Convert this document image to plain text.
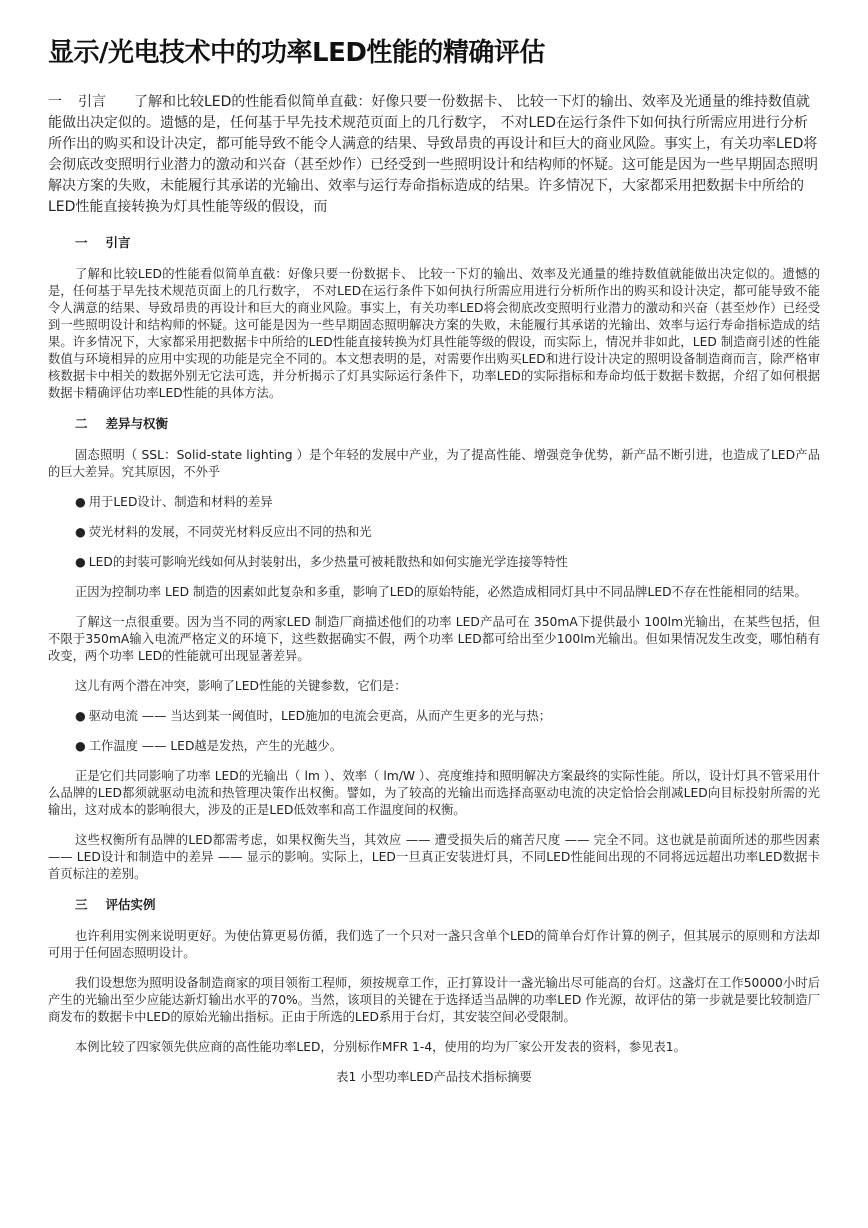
显示/光电技术中的功率LED性能的精确评估
一 引言 了解和比较LED的性能看似简单直截：好像只要一份数据卡、 比较一下灯的输出、效率及光通量的维持数值就能做出决定似的。遗憾的是，任何基于早先技术规范页面上的几行数字， 不对LED在运行条件下如何执行所需应用进行分析所作出的购买和设计决定，都可能导致不能令人满意的结果、导致昂贵的再设计和巨大的商业风险。事实上，有关功率LED将会彻底改变照明行业潜力的激动和兴奋（甚至炒作）已经受到一些照明设计和结构师的怀疑。这可能是因为一些早期固态照明解决方案的失败，未能履行其承诺的光输出、效率与运行寿命指标造成的结果。许多情况下，大家都采用把数据卡中所给的LED性能直接转换为灯具性能等级的假设，而
一 引言

了解和比较LED的性能看似简单直截：好像只要一份数据卡、 比较一下灯的输出、效率及光通量的维持数值就能做出决定似的。遗憾的是，任何基于早先技术规范页面上的几行数字， 不对LED在运行条件下如何执行所需应用进行分析所作出的购买和设计决定，都可能导致不能令人满意的结果、导致昂贵的再设计和巨大的商业风险。事实上，有关功率LED将会彻底改变照明行业潜力的激动和兴奋（甚至炒作）已经受到一些照明设计和结构师的怀疑。这可能是因为一些早期固态照明解决方案的失败，未能履行其承诺的光输出、效率与运行寿命指标造成的结果。许多情况下，大家都采用把数据卡中所给的LED性能直接转换为灯具性能等级的假设，而实际上，情况并非如此，LED 制造商引述的性能数值与环境相异的应用中实现的功能是完全不同的。本文想表明的是，对需要作出购买LED和进行设计决定的照明设备制造商而言，除严格审核数据卡中相关的数据外别无它法可选，并分析揭示了灯具实际运行条件下，功率LED的实际指标和寿命均低于数据卡数据，介绍了如何根据数据卡精确评估功率LED性能的具体方法。

二 差异与权衡

固态照明（ SSL：Solid-state lighting ）是个年轻的发展中产业，为了提高性能、增强竞争优势，新产品不断引进，也造成了LED产品的巨大差异。究其原因，不外乎

● 用于LED设计、制造和材料的差异

● 荧光材料的发展，不同荧光材料反应出不同的热和光

● LED的封装可影响光线如何从封装射出，多少热量可被耗散热和如何实施光学连接等特性

正因为控制功率 LED 制造的因素如此复杂和多重，影响了LED的原始特能，必然造成相同灯具中不同品牌LED不存在性能相同的结果。

了解这一点很重要。因为当不同的两家LED 制造厂商描述他们的功率 LED产品可在 350mA下提供最小 100lm光输出，在某些包括，但不限于350mA输入电流严格定义的环境下，这些数据确实不假，两个功率 LED都可给出至少100lm光输出。但如果情况发生改变，哪怕稍有改变，两个功率 LED的性能就可出现显著差异。

这儿有两个潜在冲突，影响了LED性能的关键参数，它们是：

● 驱动电流 —— 当达到某一阈值时，LED施加的电流会更高，从而产生更多的光与热；

● 工作温度 —— LED越是发热，产生的光越少。

正是它们共同影响了功率 LED的光输出（ lm ）、效率（ lm/W ）、亮度维持和照明解决方案最终的实际性能。所以，设计灯具不管采用什么品牌的LED都须就驱动电流和热管理决策作出权衡。譬如，为了较高的光输出而选择高驱动电流的决定恰恰会削减LED向目标投射所需的光输出，这对成本的影响很大，涉及的正是LED低效率和高工作温度间的权衡。

这些权衡所有品牌的LED都需考虑，如果权衡失当，其效应 —— 遭受损失后的痛苦尺度 —— 完全不同。这也就是前面所述的那些因素 —— LED设计和制造中的差异 —— 显示的影响。实际上，LED一旦真正安装进灯具，不同LED性能间出现的不同将远远超出功率LED数据卡首页标注的差别。

三 评估实例

也许利用实例来说明更好。为使估算更易仿循，我们选了一个只对一盏只含单个LED的简单台灯作计算的例子，但其展示的原则和方法却可用于任何固态照明设计。

我们设想您为照明设备制造商家的项目领衔工程师，须按规章工作，正打算设计一盏光输出尽可能高的台灯。这盏灯在工作50000小时后产生的光输出至少应能达新灯输出水平的70%。当然，该项目的关键在于选择适当品牌的功率LED 作光源，故评估的第一步就是要比较制造厂商发布的数据卡中LED的原始光输出指标。正由于所选的LED系用于台灯，其安装空间必受限制。

本例比较了四家领先供应商的高性能功率LED，分别标作MFR 1-4，使用的均为厂家公开发表的资料，参见表1。

表1 小型功率LED产品技术指标摘要
